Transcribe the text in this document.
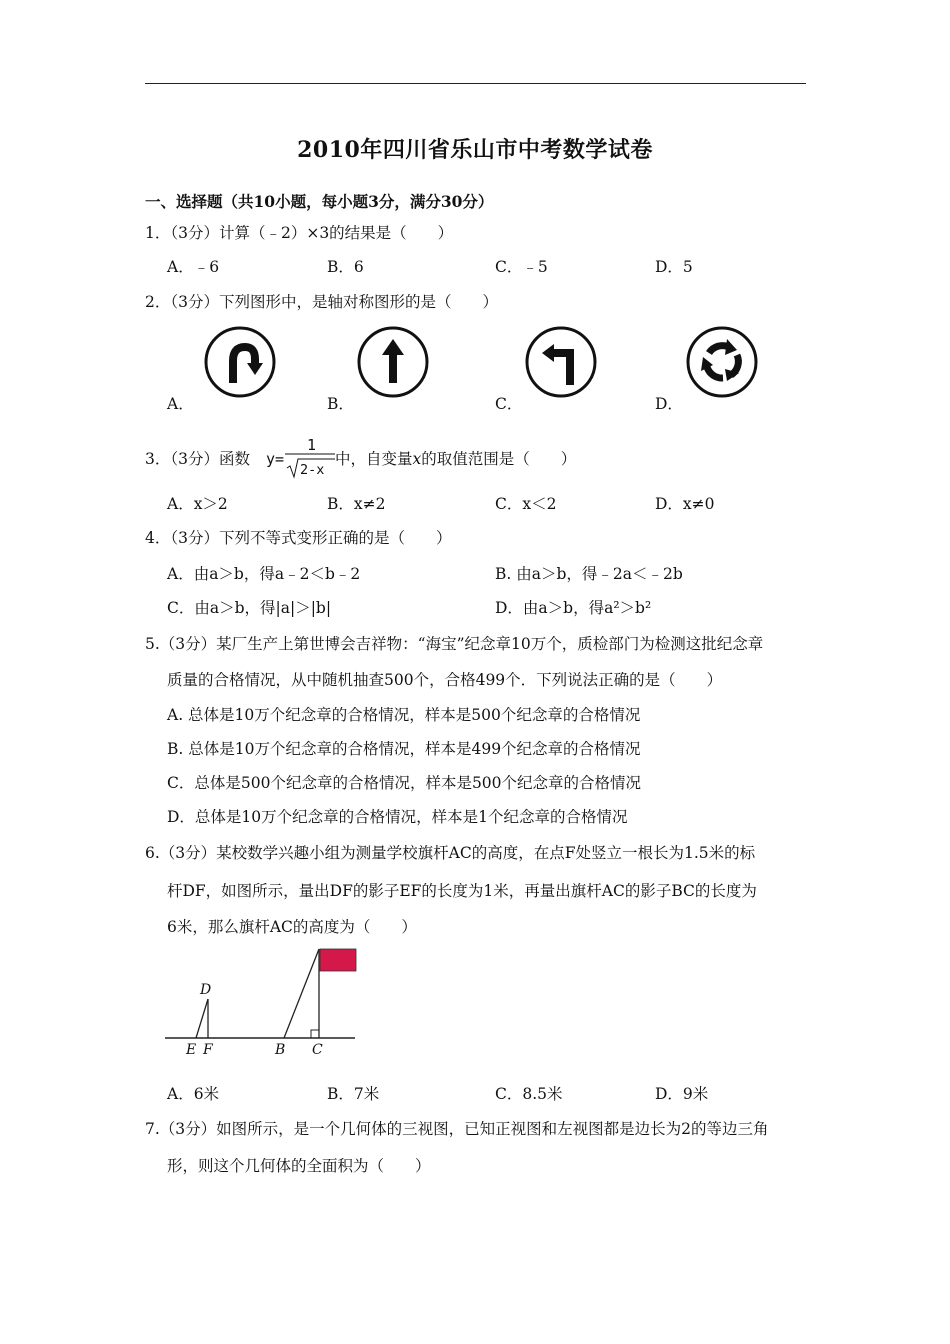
2010年四川省乐山市中考数学试卷
一、选择题（共10小题，每小题3分，满分30分）
1．（3分）计算（﹣2）×3的结果是（　　）
A．﹣6	B．6	C．﹣5	D．5
2．（3分）下列图形中，是轴对称图形的是（　　）
A．	B．	C．	D．
3．（3分）函数 y=
1
2-x
中，自变量x的取值范围是（　　）
A．x＞2	B．x≠2	C．x＜2	D．x≠0
4．（3分）下列不等式变形正确的是（　　）
A．由a＞b，得a﹣2＜b﹣2	B. 由a＞b，得﹣2a＜﹣2b
C．由a＞b，得|a|＞|b|	D．由a＞b，得a²＞b²
5.（3分）某厂生产上第世博会吉祥物：“海宝”纪念章10万个，质检部门为检测这批纪念章
质量的合格情况，从中随机抽查500个，合格499个．下列说法正确的是（　　）
A. 总体是10万个纪念章的合格情况，样本是500个纪念章的合格情况
B. 总体是10万个纪念章的合格情况，样本是499个纪念章的合格情况
C．总体是500个纪念章的合格情况，样本是500个纪念章的合格情况
D．总体是10万个纪念章的合格情况，样本是1个纪念章的合格情况
6.（3分）某校数学兴趣小组为测量学校旗杆AC的高度，在点F处竖立一根长为1.5米的标
杆DF，如图所示，量出DF的影子EF的长度为1米，再量出旗杆AC的影子BC的长度为
6米，那么旗杆AC的高度为（　　）
D
E F	B C
A．6米	B．7米	C．8.5米	D．9米
7.（3分）如图所示，是一个几何体的三视图，已知正视图和左视图都是边长为2的等边三角
形，则这个几何体的全面积为（　　）
